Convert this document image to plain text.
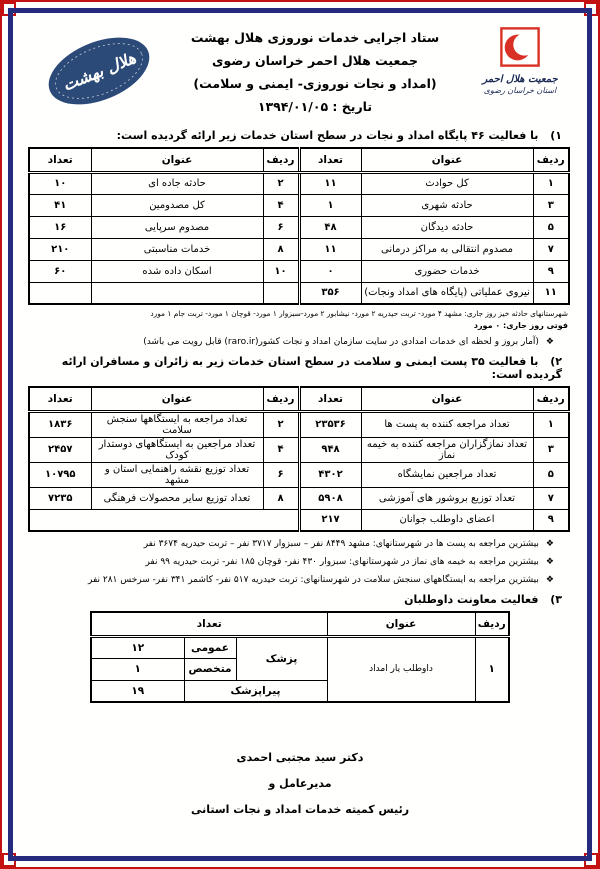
جمعیت هلال احمر
استان خراسان رضوی
ستاد اجرایی خدمات نوروزی هلال بهشت
جمعیت هلال احمر خراسان رضوی
(امداد و نجات نوروزی- ایمنی و سلامت)
تاریخ : ۱۳۹۴/۰۱/۰۵
هلال بهشت
۱) با فعالیت ۴۶ پایگاه امداد و نجات در سطح استان خدمات زیر ارائه گردیده است:
ردیف	عنوان	تعداد	ردیف	عنوان	تعداد
۱	کل حوادث	۱۱	۲	حادثه جاده ای	۱۰
۳	حادثه شهری	۱	۴	کل مصدومین	۴۱
۵	حادثه دیدگان	۴۸	۶	مصدوم سرپایی	۱۶
۷	مصدوم انتقالی به مراکز درمانی	۱۱	۸	خدمات مناسبتی	۲۱۰
۹	خدمات حضوری	۰	۱۰	اسکان داده شده	۶۰
۱۱	نیروی عملیاتی (پایگاه های امداد ونجات)	۳۵۶			
شهرستانهای حادثه خیز روز جاری: مشهد ۴ مورد- تربت حیدریه ۲ مورد- نیشابور ۲ مورد-سبزوار ۱ مورد- قوچان ۱ مورد- تربت جام ۱ مورد
فوتی روز جاری: ۰ مورد
❖
(آمار بروز و لحظه ای خدمات امدادی در سایت سازمان امداد و نجات کشور(raro.ir) قابل رویت می باشد)
۲) با فعالیت ۳۵ پست ایمنی و سلامت در سطح استان خدمات زیر به زائران و مسافران ارائه گردیده است:
ردیف	عنوان	تعداد	ردیف	عنوان	تعداد
۱	تعداد مراجعه کننده به پست ها	۲۳۵۳۶	۲	تعداد مراجعه به ایستگاهها سنجش سلامت	۱۸۳۶
۳	تعداد نمازگزاران مراجعه کننده به خیمه نماز	۹۴۸	۴	تعداد مراجعین به ایستگاههای دوستدار کودک	۲۴۵۷
۵	تعداد مراجعین نمایشگاه	۴۳۰۲	۶	تعداد توزیع نقشه راهنمایی استان و مشهد	۱۰۷۹۵
۷	تعداد توزیع بروشور های آموزشی	۵۹۰۸	۸	تعداد توزیع سایر محصولات فرهنگی	۷۲۳۵
۹	اعضای داوطلب جوانان	۲۱۷			
❖
بیشترین مراجعه به پست ها در شهرستانهای: مشهد ۸۴۴۹ نفر – سبزوار ۳۷۱۷ نفر – تربت حیدریه ۳۶۷۴ نفر
❖
بیشترین مراجعه به خیمه های نماز در شهرستانهای: سبزوار ۴۳۰ نفر- قوچان ۱۸۵ نفر- تربت حیدریه ۹۹ نفر
❖
بیشترین مراجعه به ایستگاههای سنجش سلامت در شهرستانهای: تربت حیدریه ۵۱۷ نفر- کاشمر ۳۴۱ نفر- سرخس ۲۸۱ نفر
۳) فعالیت معاونت داوطلبان
ردیف	عنوان	تعداد		
۱	داوطلب یار امداد	پزشک	عمومی	۱۲
			متخصص	۱
		پیراپزشک		۱۹
دکتر سید مجتبی احمدی
مدیرعامل و
رئیس کمیته خدمات امداد و نجات استانی
